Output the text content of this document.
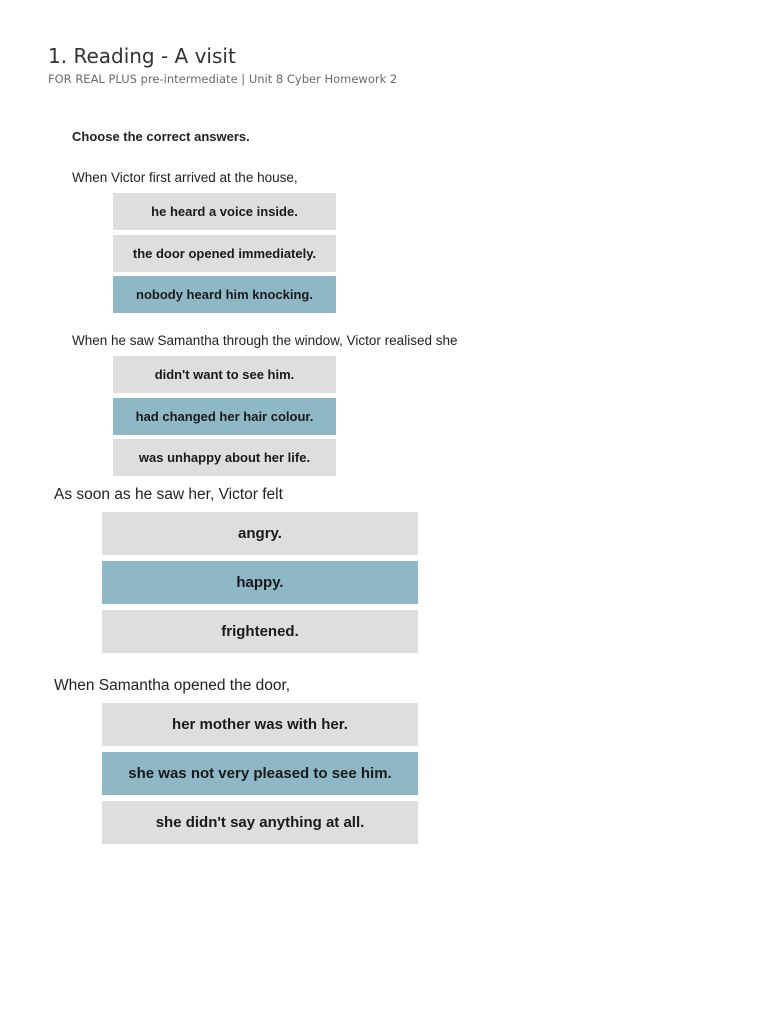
1. Reading - A visit
FOR REAL PLUS pre-intermediate | Unit 8 Cyber Homework 2
Choose the correct answers.
When Victor first arrived at the house,
he heard a voice inside.
the door opened immediately.
nobody heard him knocking.
When he saw Samantha through the window, Victor realised she
didn't want to see him.
had changed her hair colour.
was unhappy about her life.
As soon as he saw her, Victor felt
angry.
happy.
frightened.
When Samantha opened the door,
her mother was with her.
she was not very pleased to see him.
she didn't say anything at all.
